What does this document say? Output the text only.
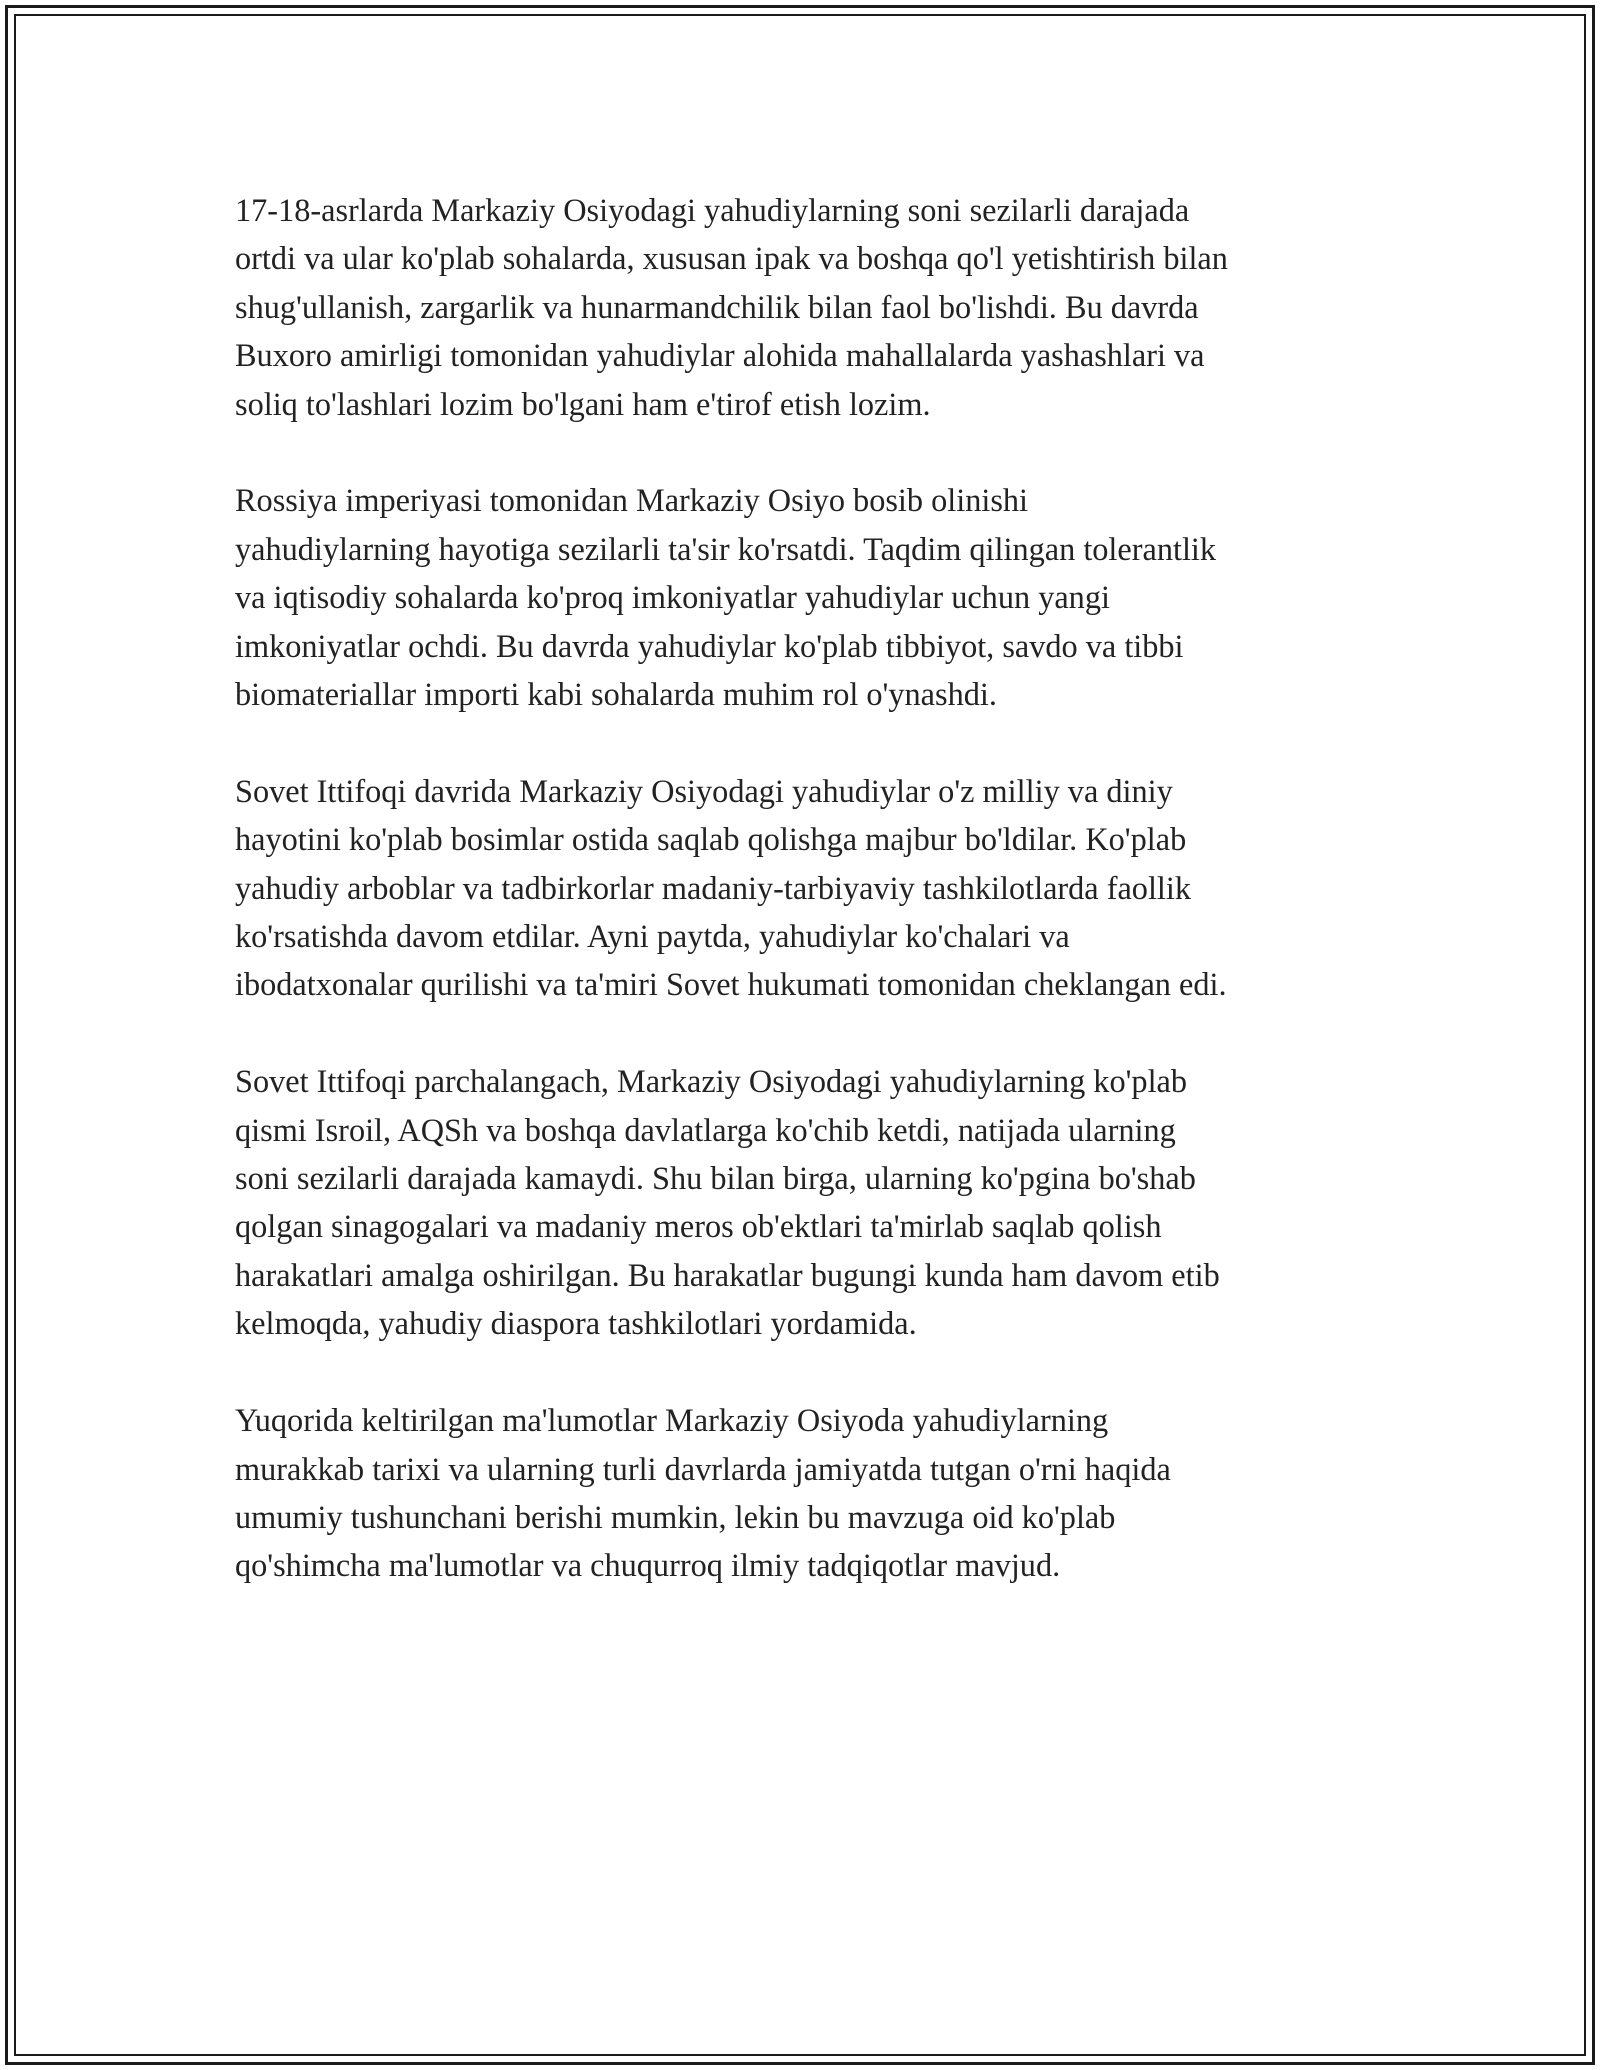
17-18-asrlarda Markaziy Osiyodagi yahudiylarning soni sezilarli darajada
ortdi va ular ko'plab sohalarda, xususan ipak va boshqa qo'l yetishtirish bilan
shug'ullanish, zargarlik va hunarmandchilik bilan faol bo'lishdi. Bu davrda
Buxoro amirligi tomonidan yahudiylar alohida mahallalarda yashashlari va
soliq to'lashlari lozim bo'lgani ham e'tirof etish lozim.

Rossiya imperiyasi tomonidan Markaziy Osiyo bosib olinishi
yahudiylarning hayotiga sezilarli ta'sir ko'rsatdi. Taqdim qilingan tolerantlik
va iqtisodiy sohalarda ko'proq imkoniyatlar yahudiylar uchun yangi
imkoniyatlar ochdi. Bu davrda yahudiylar ko'plab tibbiyot, savdo va tibbi
biomateriallar importi kabi sohalarda muhim rol o'ynashdi.

Sovet Ittifoqi davrida Markaziy Osiyodagi yahudiylar o'z milliy va diniy
hayotini ko'plab bosimlar ostida saqlab qolishga majbur bo'ldilar. Ko'plab
yahudiy arboblar va tadbirkorlar madaniy-tarbiyaviy tashkilotlarda faollik
ko'rsatishda davom etdilar. Ayni paytda, yahudiylar ko'chalari va
ibodatxonalar qurilishi va ta'miri Sovet hukumati tomonidan cheklangan edi.

Sovet Ittifoqi parchalangach, Markaziy Osiyodagi yahudiylarning ko'plab
qismi Isroil, AQSh va boshqa davlatlarga ko'chib ketdi, natijada ularning
soni sezilarli darajada kamaydi. Shu bilan birga, ularning ko'pgina bo'shab
qolgan sinagogalari va madaniy meros ob'ektlari ta'mirlab saqlab qolish
harakatlari amalga oshirilgan. Bu harakatlar bugungi kunda ham davom etib
kelmoqda, yahudiy diaspora tashkilotlari yordamida.

Yuqorida keltirilgan ma'lumotlar Markaziy Osiyoda yahudiylarning
murakkab tarixi va ularning turli davrlarda jamiyatda tutgan o'rni haqida
umumiy tushunchani berishi mumkin, lekin bu mavzuga oid ko'plab
qo'shimcha ma'lumotlar va chuqurroq ilmiy tadqiqotlar mavjud.
